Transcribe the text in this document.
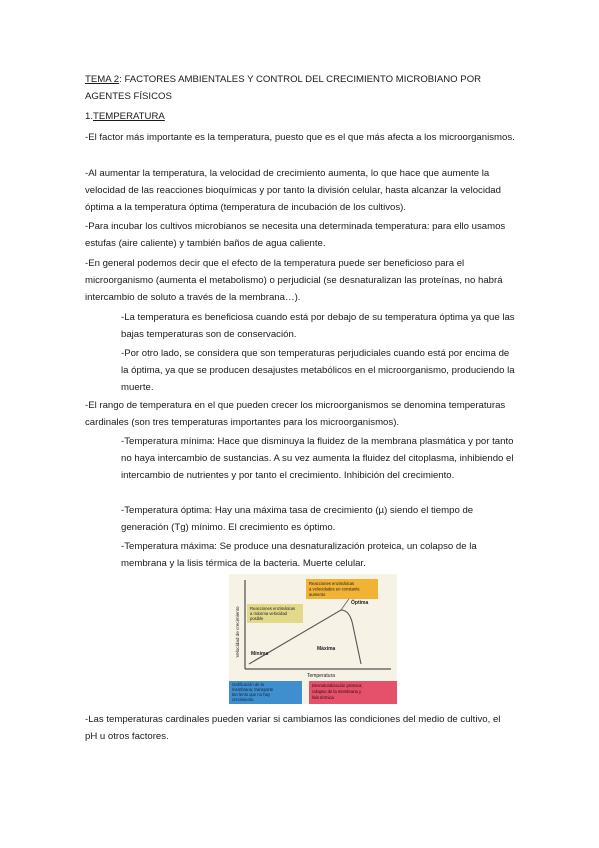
TEMA 2: FACTORES AMBIENTALES Y CONTROL DEL CRECIMIENTO MICROBIANO POR AGENTES FÍSICOS

1.TEMPERATURA

-El factor más importante es la temperatura, puesto que es el que más afecta a los microorganismos.

-Al aumentar la temperatura, la velocidad de crecimiento aumenta, lo que hace que aumente la velocidad de las reacciones bioquímicas y por tanto la división celular, hasta alcanzar la velocidad óptima a la temperatura óptima (temperatura de incubación de los cultivos).

-Para incubar los cultivos microbianos se necesita una determinada temperatura: para ello usamos estufas (aire caliente) y también baños de agua caliente.

-En general podemos decir que el efecto de la temperatura puede ser beneficioso para el microorganismo (aumenta el metabolismo) o perjudicial (se desnaturalizan las proteínas, no habrá intercambio de soluto a través de la membrana…).

-La temperatura es beneficiosa cuando está por debajo de su temperatura óptima ya que las bajas temperaturas son de conservación.

-Por otro lado, se considera que son temperaturas perjudiciales cuando está por encima de la óptima, ya que se producen desajustes metabólicos en el microorganismo, produciendo la muerte.

-El rango de temperatura en el que pueden crecer los microorganismos se denomina temperaturas cardinales (son tres temperaturas importantes para los microorganismos).

-Temperatura mínima: Hace que disminuya la fluidez de la membrana plasmática y por tanto no haya intercambio de sustancias. A su vez aumenta la fluidez del citoplasma, inhibiendo el intercambio de nutrientes y por tanto el crecimiento. Inhibición del crecimiento.

-Temperatura óptima: Hay una máxima tasa de crecimiento (µ) siendo el tiempo de generación (Tg) mínimo. El crecimiento es óptimo.

-Temperatura máxima: Se produce una desnaturalización proteica, un colapso de la membrana y la lisis térmica de la bacteria. Muerte celular.

Velocidad de crecimiento
Temperatura
Mínima
Óptima
Máxima
Reacciones enzimáticas
a velocidades en constante
aumento
Reacciones enzimáticas
a máxima velocidad
posible
Gelificación de la
membrana; transporte
tan lento que no hay
crecimiento
Desnaturalización proteica;
colapso de la membrana y
lisis térmica

-Las temperaturas cardinales pueden variar si cambiamos las condiciones del medio de cultivo, el pH u otros factores.
